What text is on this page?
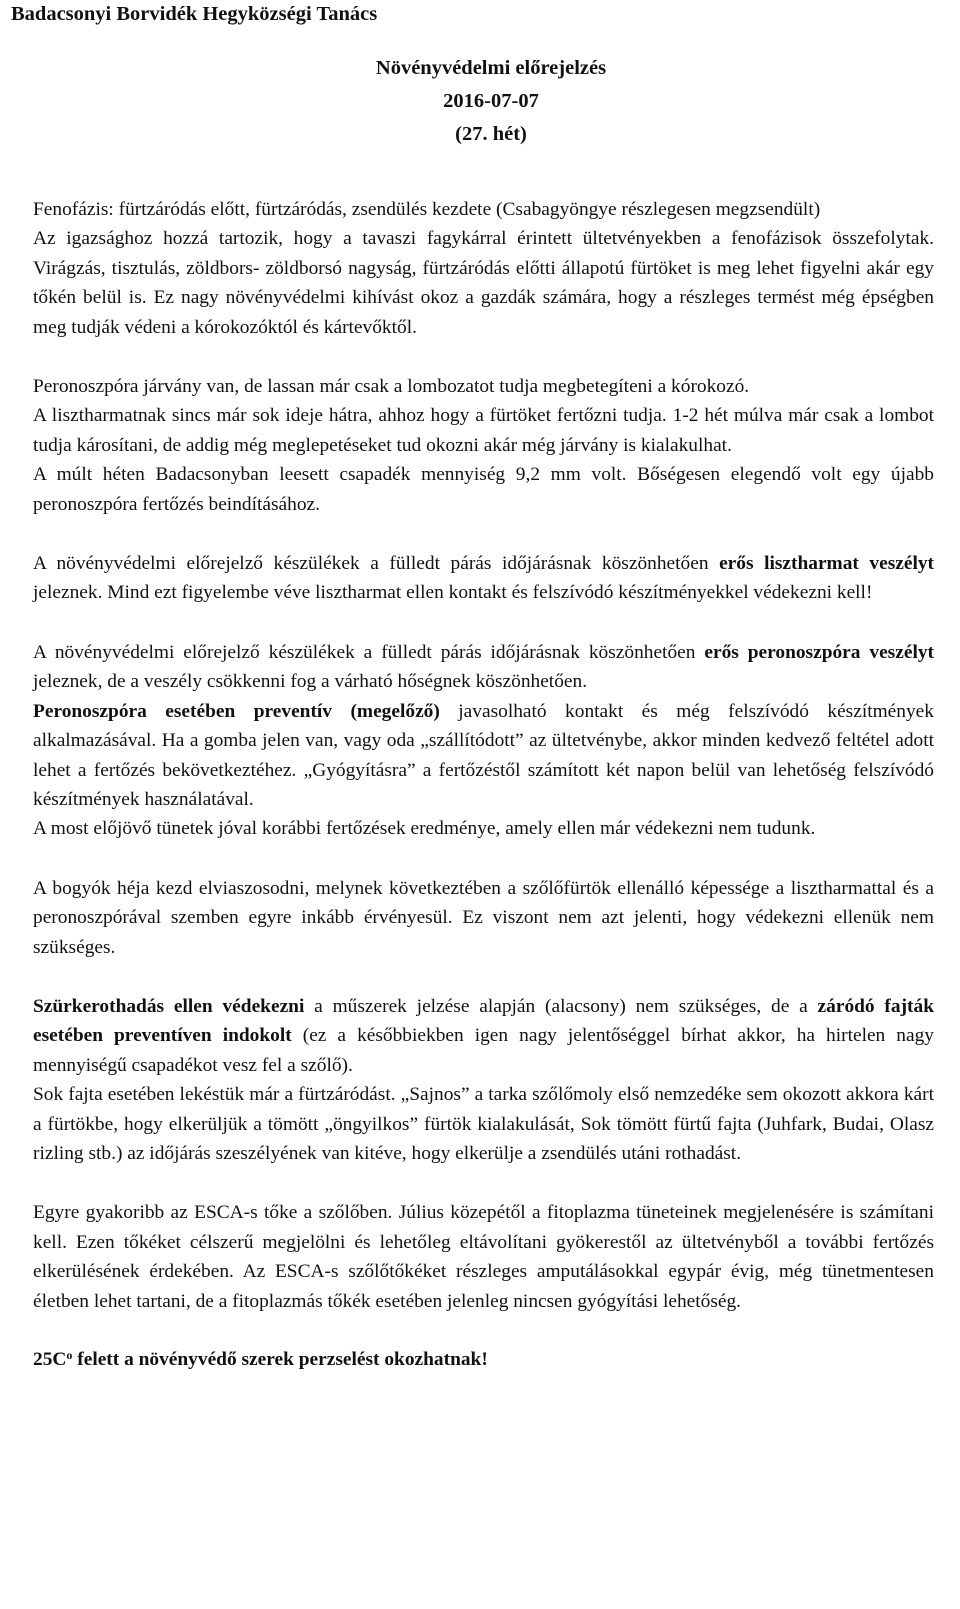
Badacsonyi Borvidék Hegyközségi Tanács
Növényvédelmi előrejelzés
2016-07-07
(27. hét)

Fenofázis: fürtzáródás előtt, fürtzáródás, zsendülés kezdete (Csabagyöngye részlegesen megzsendült)

Az igazsághoz hozzá tartozik, hogy a tavaszi fagykárral érintett ültetvényekben a fenofázisok összefolytak. Virágzás, tisztulás, zöldbors- zöldborsó nagyság, fürtzáródás előtti állapotú fürtöket is meg lehet figyelni akár egy tőkén belül is. Ez nagy növényvédelmi kihívást okoz a gazdák számára, hogy a részleges termést még épségben meg tudják védeni a kórokozóktól és kártevőktől.

Peronoszpóra járvány van, de lassan már csak a lombozatot tudja megbetegíteni a kórokozó.

A lisztharmatnak sincs már sok ideje hátra, ahhoz hogy a fürtöket fertőzni tudja. 1-2 hét múlva már csak a lombot tudja károsítani, de addig még meglepetéseket tud okozni akár még járvány is kialakulhat.

A múlt héten Badacsonyban leesett csapadék mennyiség 9,2 mm volt. Bőségesen elegendő volt egy újabb peronoszpóra fertőzés beindításához.

A növényvédelmi előrejelző készülékek a fülledt párás időjárásnak köszönhetően erős lisztharmat veszélyt jeleznek. Mind ezt figyelembe véve lisztharmat ellen kontakt és felszívódó készítményekkel védekezni kell!

A növényvédelmi előrejelző készülékek a fülledt párás időjárásnak köszönhetően erős peronoszpóra veszélyt jeleznek, de a veszély csökkenni fog a várható hőségnek köszönhetően.

Peronoszpóra esetében preventív (megelőző) javasolható kontakt és még felszívódó készítmények alkalmazásával. Ha a gomba jelen van, vagy oda „szállítódott” az ültetvénybe, akkor minden kedvező feltétel adott lehet a fertőzés bekövetkeztéhez. „Gyógyításra” a fertőzéstől számított két napon belül van lehetőség felszívódó készítmények használatával.

A most előjövő tünetek jóval korábbi fertőzések eredménye, amely ellen már védekezni nem tudunk.

A bogyók héja kezd elviaszosodni, melynek következtében a szőlőfürtök ellenálló képessége a lisztharmattal és a peronoszpórával szemben egyre inkább érvényesül. Ez viszont nem azt jelenti, hogy védekezni ellenük nem szükséges.

Szürkerothadás ellen védekezni a műszerek jelzése alapján (alacsony) nem szükséges, de a záródó fajták esetében preventíven indokolt (ez a későbbiekben igen nagy jelentőséggel bírhat akkor, ha hirtelen nagy mennyiségű csapadékot vesz fel a szőlő).

Sok fajta esetében lekéstük már a fürtzáródást. „Sajnos” a tarka szőlőmoly első nemzedéke sem okozott akkora kárt a fürtökbe, hogy elkerüljük a tömött „öngyilkos” fürtök kialakulását, Sok tömött fürtű fajta (Juhfark, Budai, Olasz rizling stb.) az időjárás szeszélyének van kitéve, hogy elkerülje a zsendülés utáni rothadást.

Egyre gyakoribb az ESCA-s tőke a szőlőben. Július közepétől a fitoplazma tüneteinek megjelenésére is számítani kell. Ezen tőkéket célszerű megjelölni és lehetőleg eltávolítani gyökerestől az ültetvényből a további fertőzés elkerülésének érdekében. Az ESCA-s szőlőtőkéket részleges amputálásokkal egypár évig, még tünetmentesen életben lehet tartani, de a fitoplazmás tőkék esetében jelenleg nincsen gyógyítási lehetőség.

$25C^o$ felett a növényvédő szerek perzselést okozhatnak!
